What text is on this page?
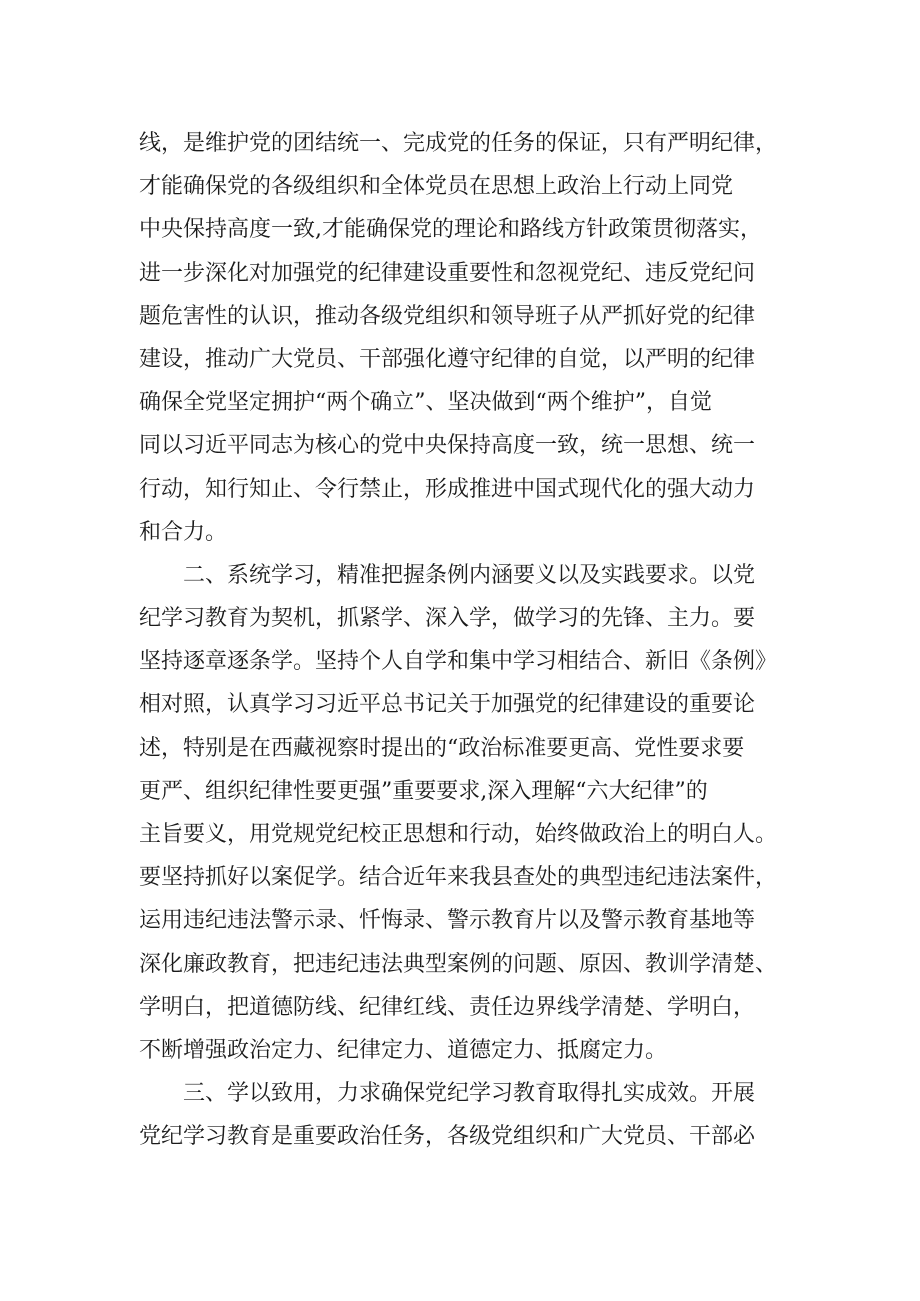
线，是维护党的团结统一、完成党的任务的保证，只有严明纪律，
才能确保党的各级组织和全体党员在思想上政治上行动上同党
中央保持高度一致,才能确保党的理论和路线方针政策贯彻落实，
进一步深化对加强党的纪律建设重要性和忽视党纪、违反党纪问
题危害性的认识，推动各级党组织和领导班子从严抓好党的纪律
建设，推动广大党员、干部强化遵守纪律的自觉，以严明的纪律
确保全党坚定拥护“两个确立”、坚决做到“两个维护”，自觉
同以习近平同志为核心的党中央保持高度一致，统一思想、统一
行动，知行知止、令行禁止，形成推进中国式现代化的强大动力
和合力。
二、系统学习，精准把握条例内涵要义以及实践要求。以党
纪学习教育为契机，抓紧学、深入学，做学习的先锋、主力。要
坚持逐章逐条学。坚持个人自学和集中学习相结合、新旧《条例》
相对照，认真学习习近平总书记关于加强党的纪律建设的重要论
述，特别是在西藏视察时提出的“政治标准要更高、党性要求要
更严、组织纪律性要更强”重要要求,深入理解“六大纪律”的
主旨要义，用党规党纪校正思想和行动，始终做政治上的明白人。
要坚持抓好以案促学。结合近年来我县查处的典型违纪违法案件，
运用违纪违法警示录、忏悔录、警示教育片以及警示教育基地等
深化廉政教育，把违纪违法典型案例的问题、原因、教训学清楚、
学明白，把道德防线、纪律红线、责任边界线学清楚、学明白，
不断增强政治定力、纪律定力、道德定力、抵腐定力。
三、学以致用，力求确保党纪学习教育取得扎实成效。开展
党纪学习教育是重要政治任务，各级党组织和广大党员、干部必
